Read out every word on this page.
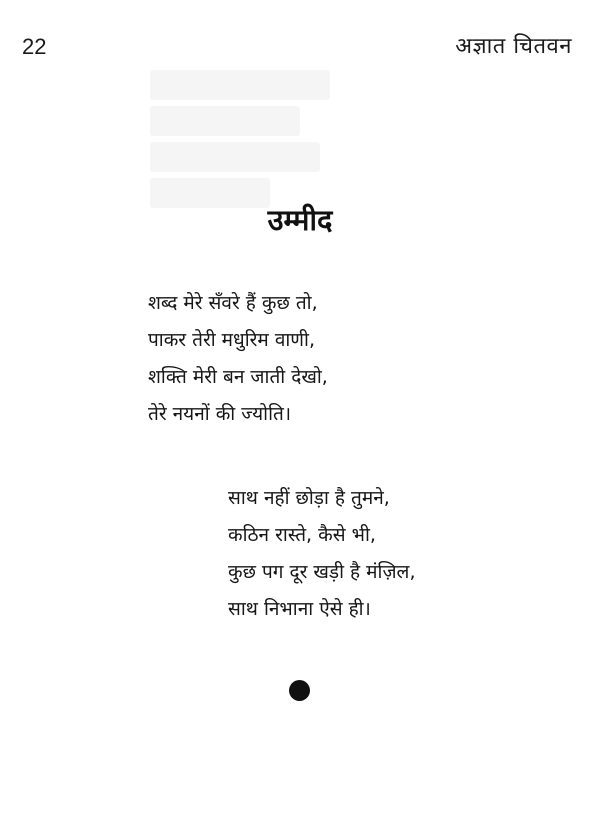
22	अज्ञात चितवन
उम्मीद
शब्द मेरे सँवरे हैं कुछ तो,
पाकर तेरी मधुरिम वाणी,
शक्ति मेरी बन जाती देखो,
तेरे नयनों की ज्योति।
साथ नहीं छोड़ा है तुमने,
कठिन रास्ते, कैसे भी,
कुछ पग दूर खड़ी है मंज़िल,
साथ निभाना ऐसे ही।
